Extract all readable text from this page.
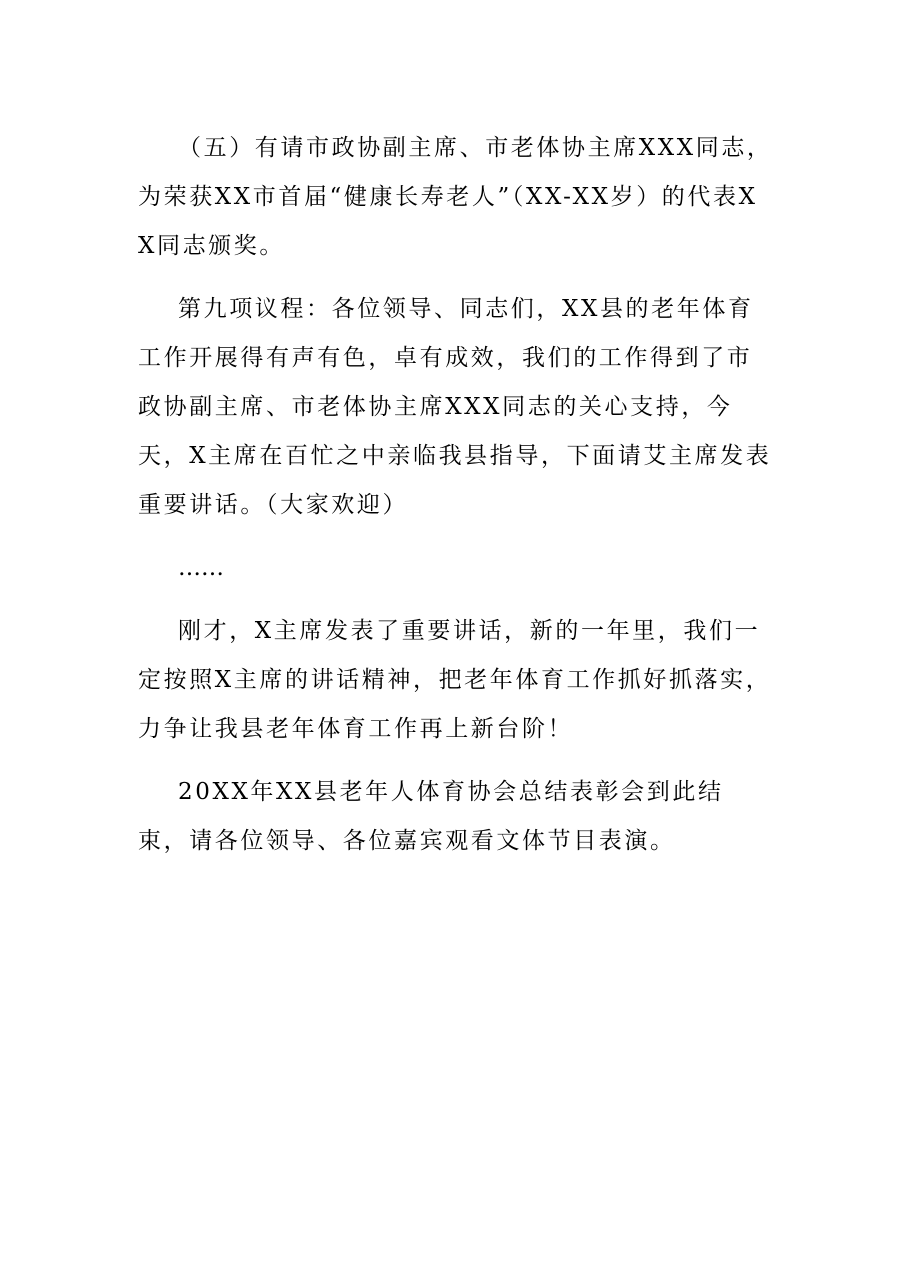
（五）有请市政协副主席、市老体协主席XXX同志，为荣获XX市首届“健康长寿老人”（XX-XX岁）的代表XX同志颁奖。

第九项议程：各位领导、同志们，XX县的老年体育工作开展得有声有色，卓有成效，我们的工作得到了市政协副主席、市老体协主席XXX同志的关心支持，今天，X主席在百忙之中亲临我县指导，下面请艾主席发表重要讲话。（大家欢迎）

……

刚才，X主席发表了重要讲话，新的一年里，我们一定按照X主席的讲话精神，把老年体育工作抓好抓落实，力争让我县老年体育工作再上新台阶！

20XX年XX县老年人体育协会总结表彰会到此结束，请各位领导、各位嘉宾观看文体节目表演。
